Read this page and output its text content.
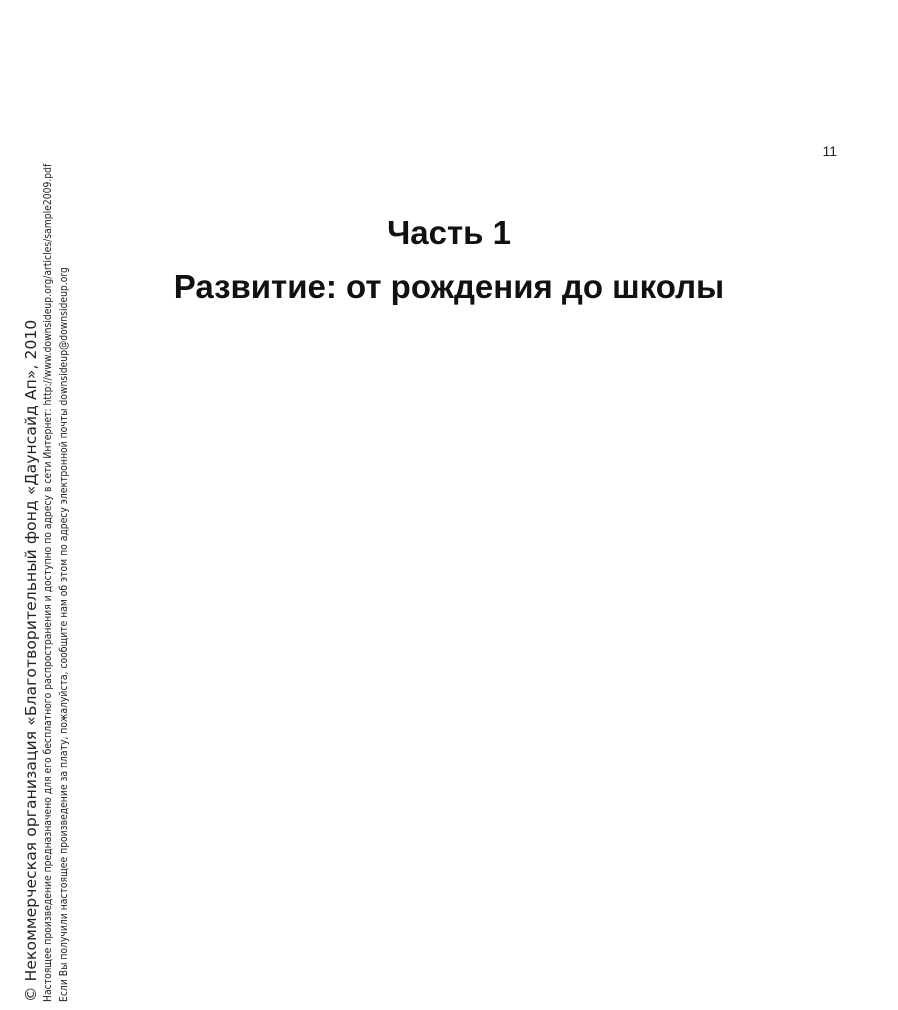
© Некоммерческая организация «Благотворительный фонд «Даунсайд Ап», 2010 Настоящее произведение предназначено для его бесплатного распространения и доступно по адресу в сети Интернет: http://www.downsideup.org/articles/sample2009.pdf Если Вы получили настоящее произведение за плату, пожалуйста, сообщите нам об этом по адресу электронной почты downsideup@downsideup.org
11
Часть 1
Развитие: от рождения до школы
